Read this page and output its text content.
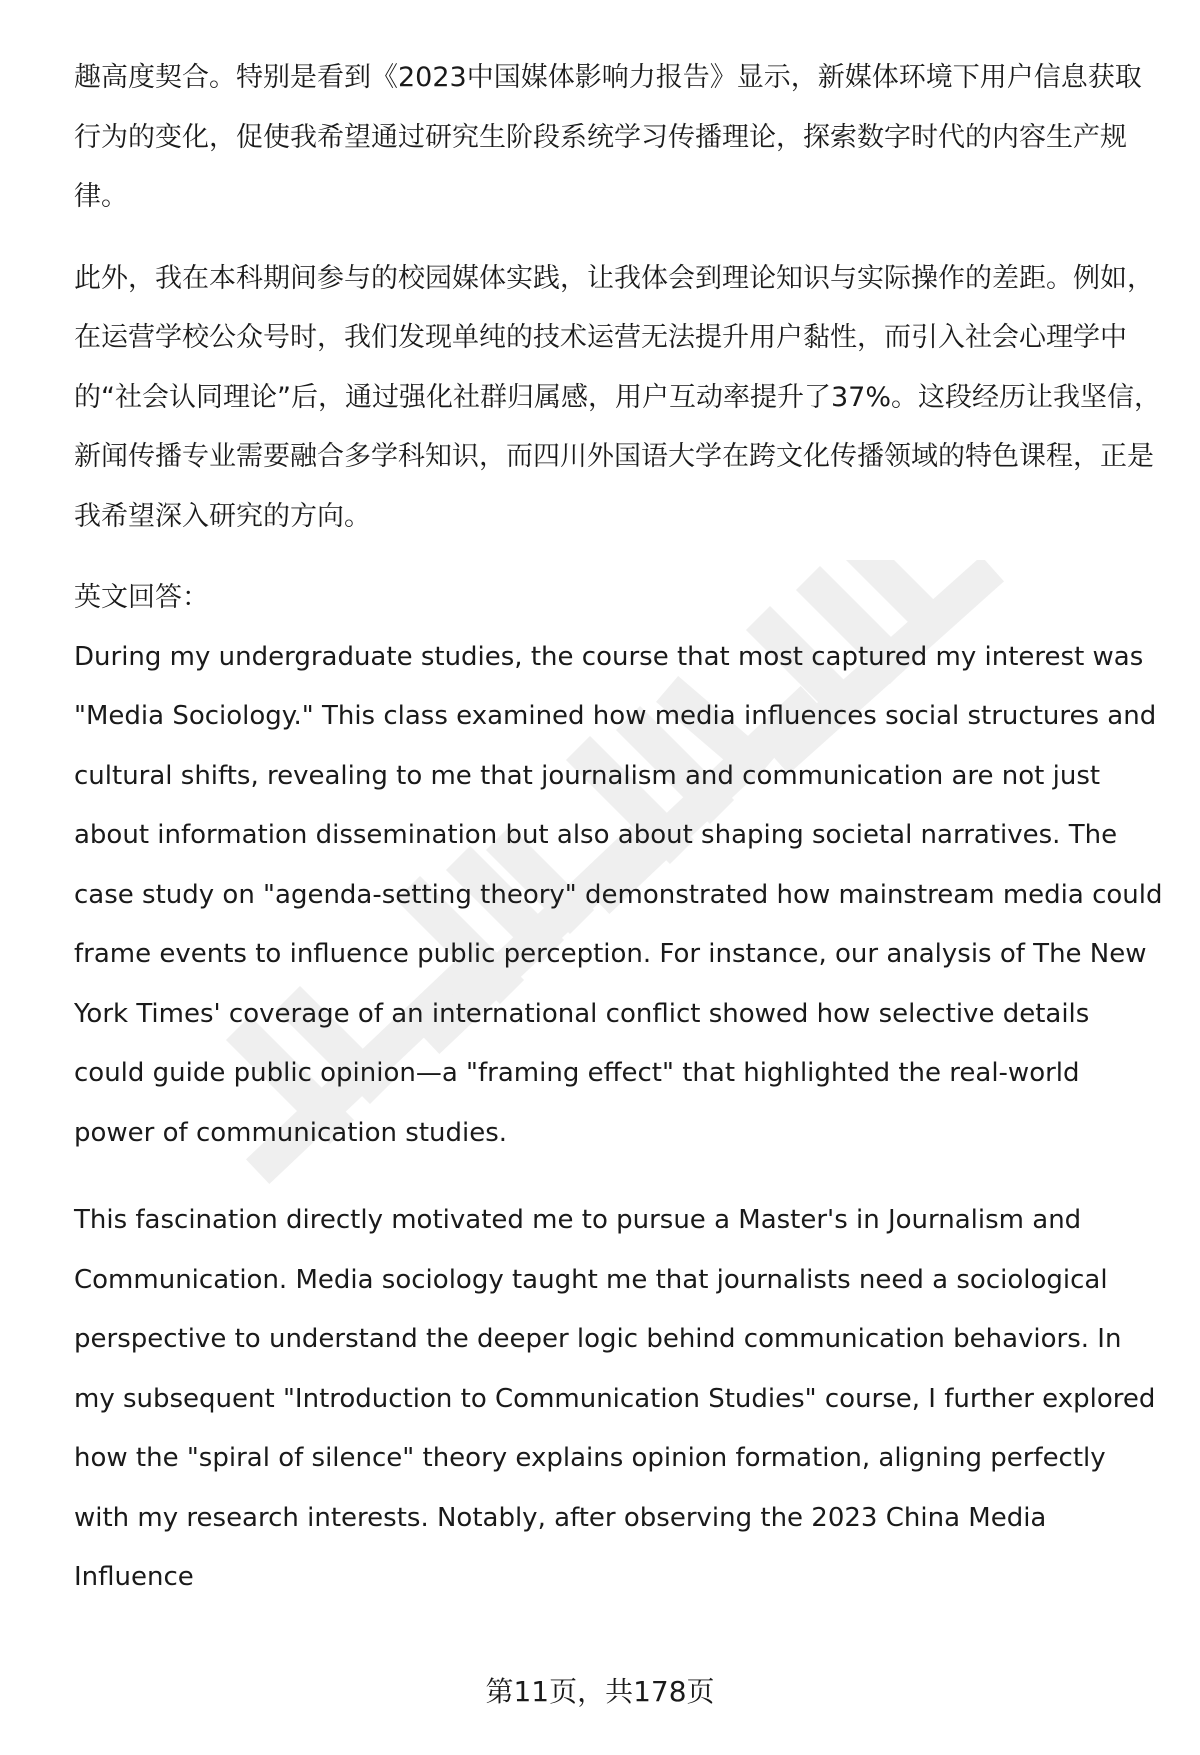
趣高度契合。特别是看到《2023中国媒体影响力报告》显示，新媒体环境下用户信息获取行为的变化，促使我希望通过研究生阶段系统学习传播理论，探索数字时代的内容生产规律。

此外，我在本科期间参与的校园媒体实践，让我体会到理论知识与实际操作的差距。例如，在运营学校公众号时，我们发现单纯的技术运营无法提升用户黏性，而引入社会心理学中的“社会认同理论”后，通过强化社群归属感，用户互动率提升了37%。这段经历让我坚信，新闻传播专业需要融合多学科知识，而四川外国语大学在跨文化传播领域的特色课程，正是我希望深入研究的方向。

英文回答：

During my undergraduate studies, the course that most captured my interest was "Media Sociology." This class examined how media influences social structures and cultural shifts, revealing to me that journalism and communication are not just about information dissemination but also about shaping societal narratives. The case study on "agenda-setting theory" demonstrated how mainstream media could frame events to influence public perception. For instance, our analysis of The New York Times' coverage of an international conflict showed how selective details could guide public opinion—a "framing effect" that highlighted the real-world power of communication studies.

This fascination directly motivated me to pursue a Master's in Journalism and Communication. Media sociology taught me that journalists need a sociological perspective to understand the deeper logic behind communication behaviors. In my subsequent "Introduction to Communication Studies" course, I further explored how the "spiral of silence" theory explains opinion formation, aligning perfectly with my research interests. Notably, after observing the 2023 China Media Influence

第11页，共178页
